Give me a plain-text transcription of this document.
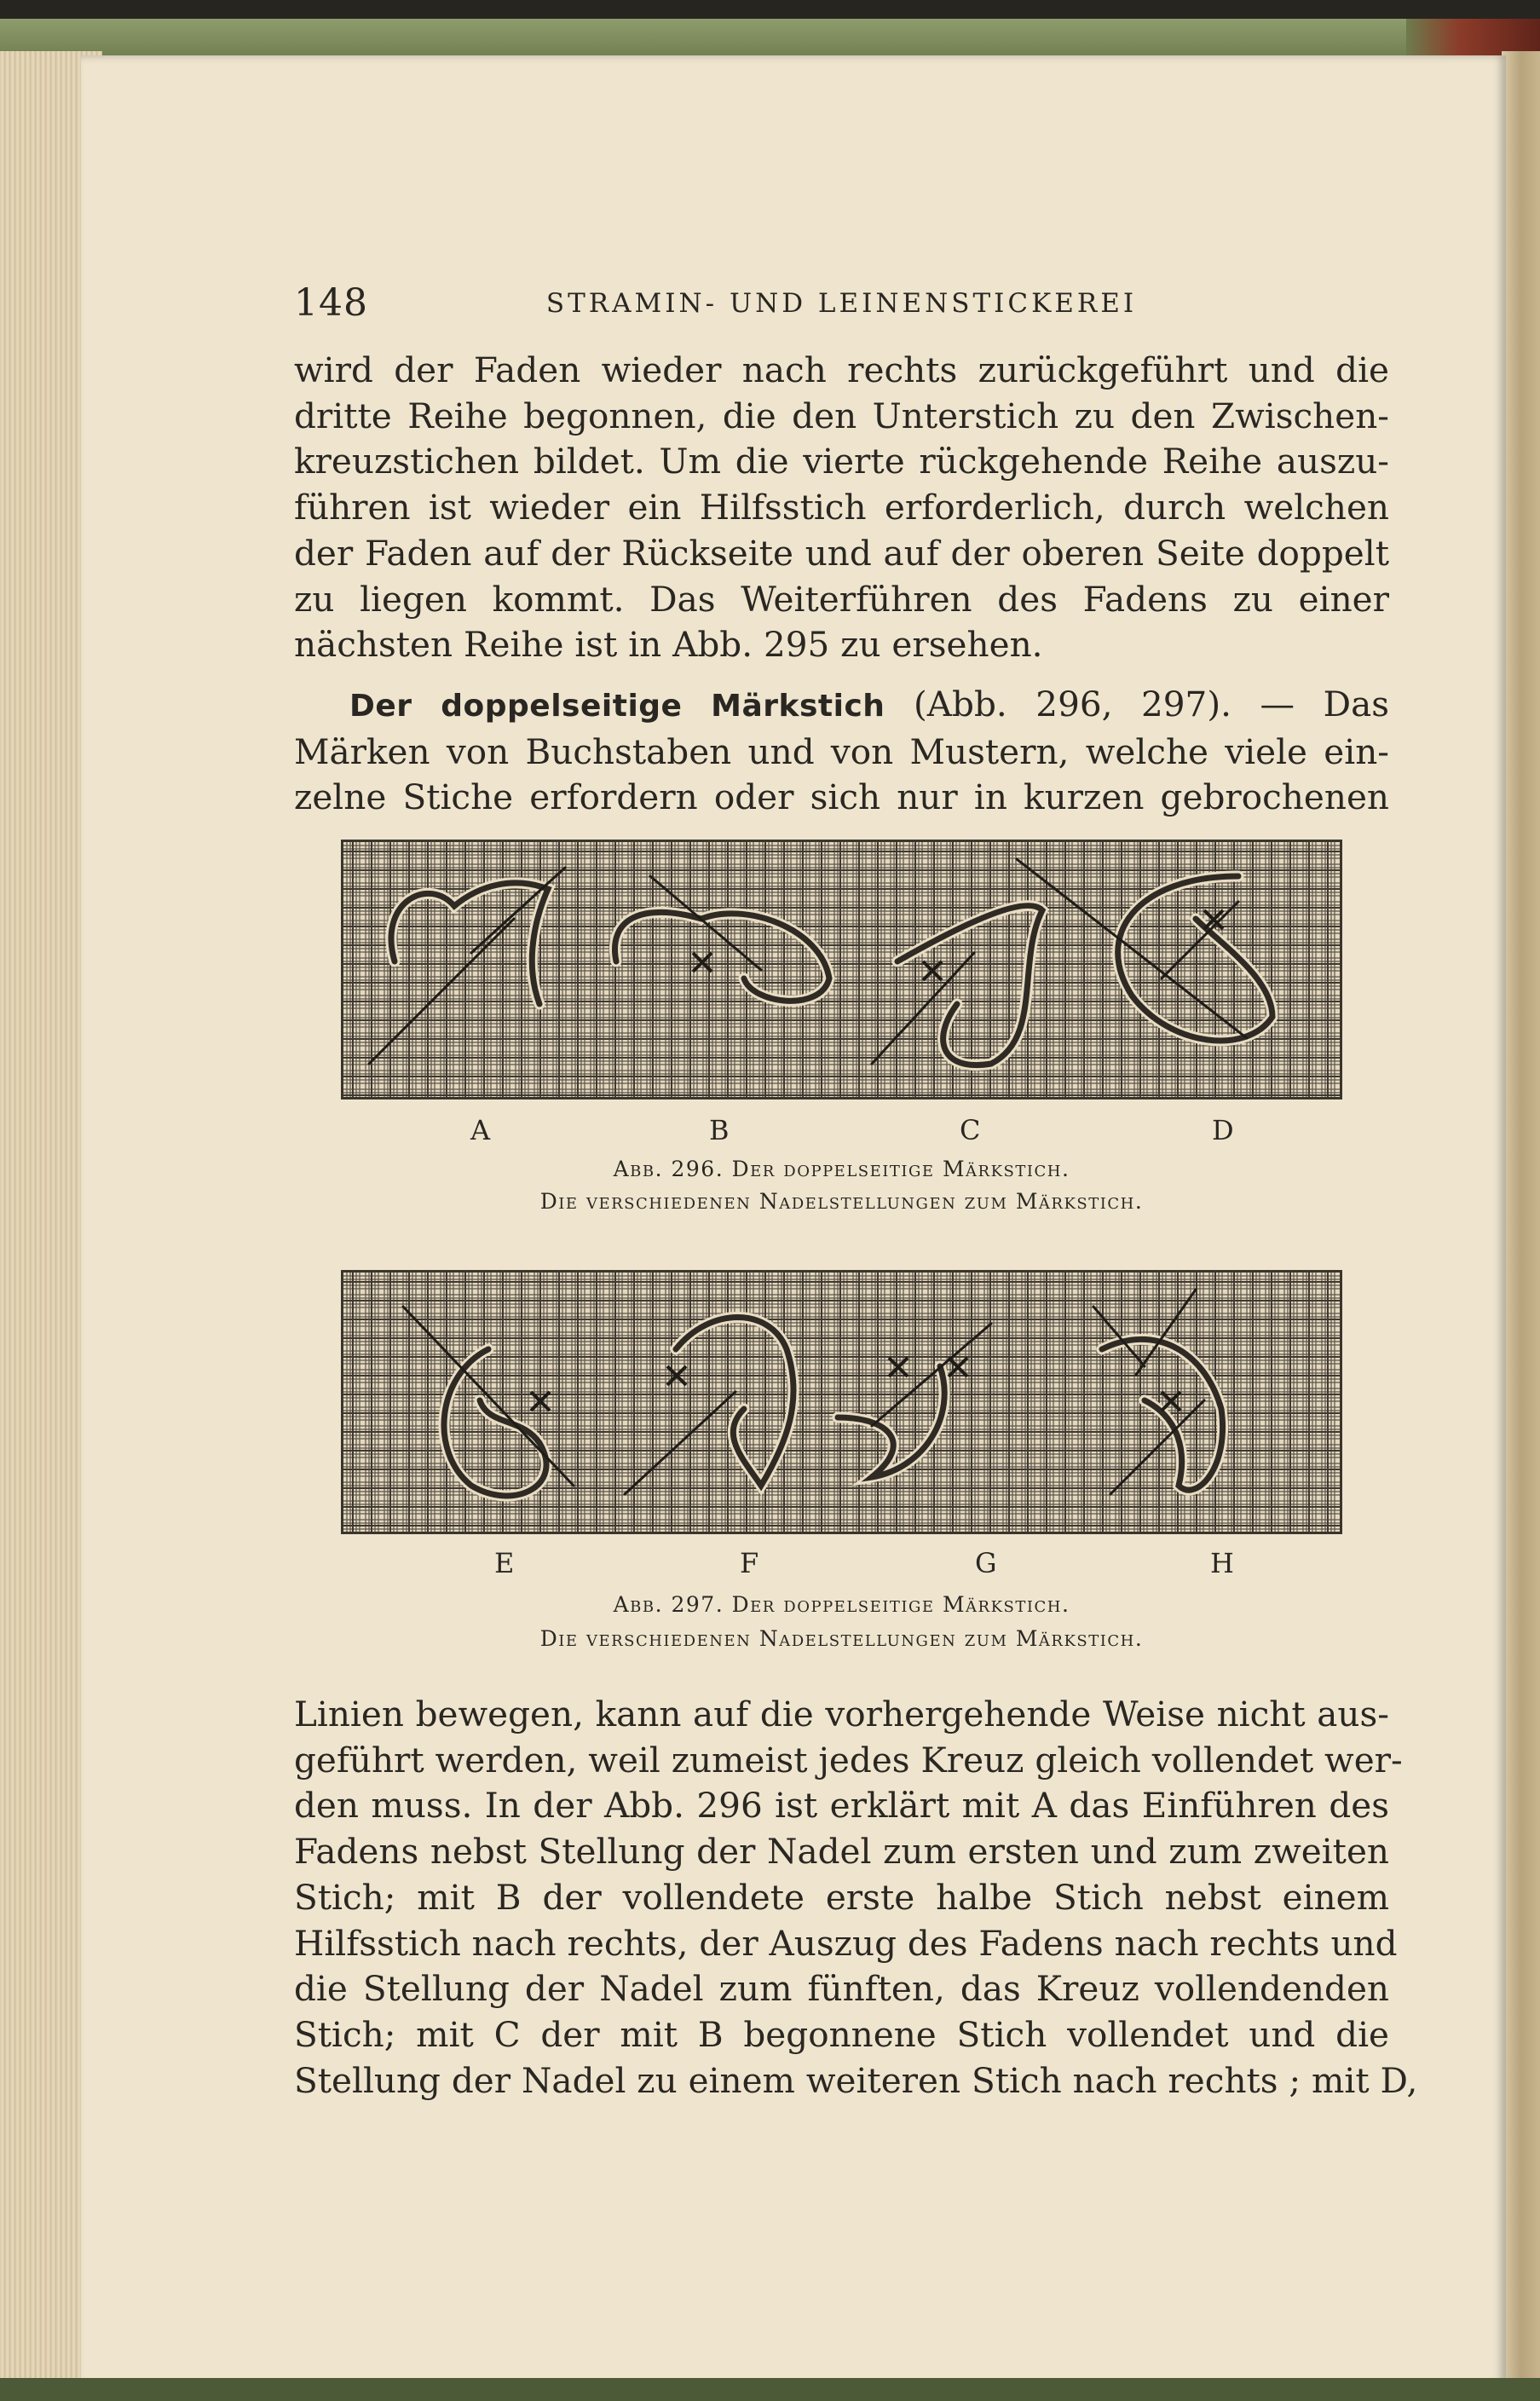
148	STRAMIN- UND LEINENSTICKEREI

wird der Faden wieder nach rechts zurückgeführt und die
dritte Reihe begonnen, die den Unterstich zu den Zwischen-
kreuzstichen bildet. Um die vierte rückgehende Reihe auszu-
führen ist wieder ein Hilfsstich erforderlich, durch welchen
der Faden auf der Rückseite und auf der oberen Seite doppelt
zu liegen kommt. Das Weiterführen des Fadens zu einer
nächsten Reihe ist in Abb. 295 zu ersehen.

Der doppelseitige Märkstich (Abb. 296, 297). — Das
Märken von Buchstaben und von Mustern, welche viele ein-
zelne Stiche erfordern oder sich nur in kurzen gebrochenen

A	B	C	D
Abb. 296. Der doppelseitige Märkstich.
Die verschiedenen Nadelstellungen zum Märkstich.
E	F	G	H
Abb. 297. Der doppelseitige Märkstich.
Die verschiedenen Nadelstellungen zum Märkstich.

Linien bewegen, kann auf die vorhergehende Weise nicht aus-
geführt werden, weil zumeist jedes Kreuz gleich vollendet wer-
den muss. In der Abb. 296 ist erklärt mit A das Einführen des
Fadens nebst Stellung der Nadel zum ersten und zum zweiten
Stich; mit B der vollendete erste halbe Stich nebst einem
Hilfsstich nach rechts, der Auszug des Fadens nach rechts und
die Stellung der Nadel zum fünften, das Kreuz vollendenden
Stich; mit C der mit B begonnene Stich vollendet und die
Stellung der Nadel zu einem weiteren Stich nach rechts ; mit D,
